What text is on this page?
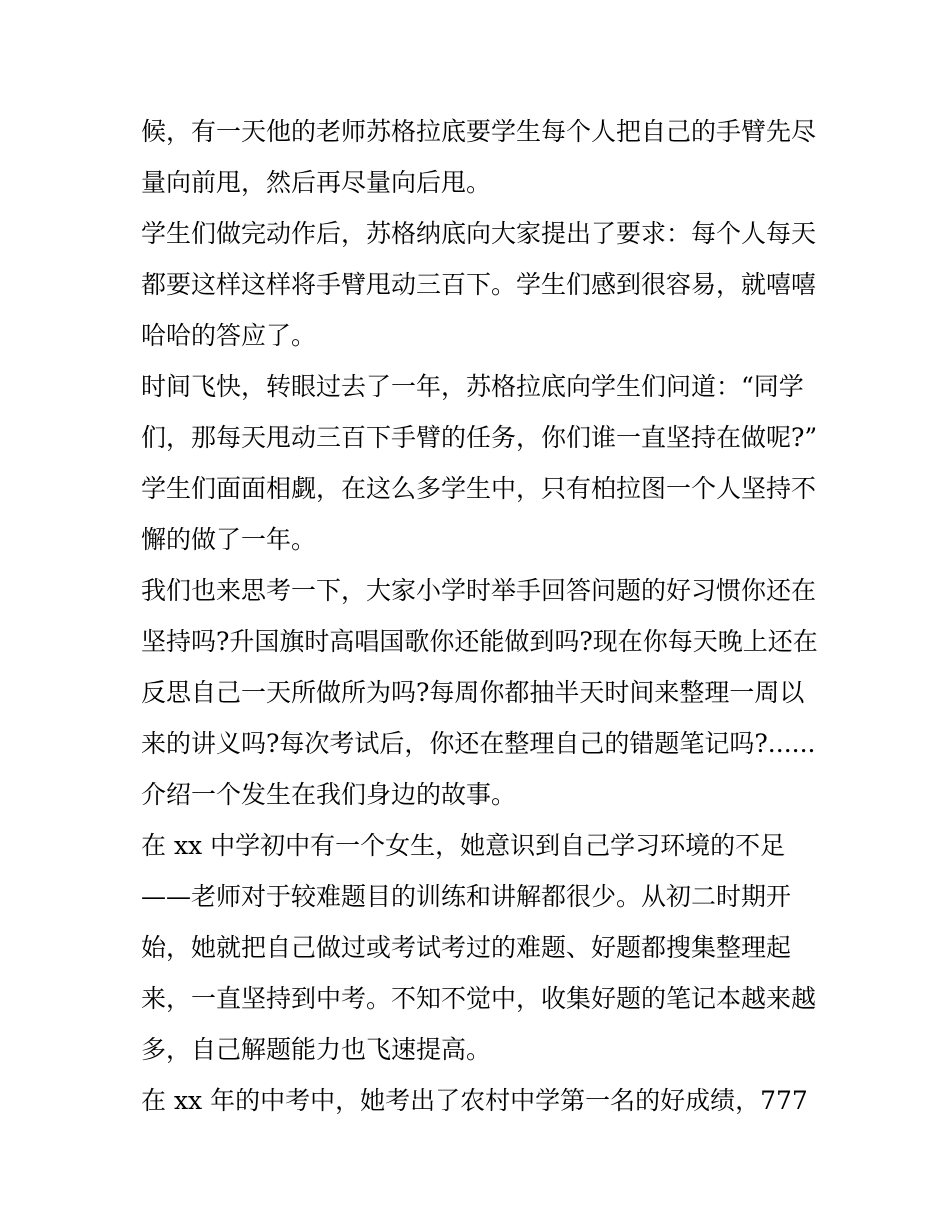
候，有一天他的老师苏格拉底要学生每个人把自己的手臂先尽
量向前甩，然后再尽量向后甩。
学生们做完动作后，苏格纳底向大家提出了要求：每个人每天
都要这样这样将手臂甩动三百下。学生们感到很容易，就嘻嘻
哈哈的答应了。
时间飞快，转眼过去了一年，苏格拉底向学生们问道：“同学
们，那每天甩动三百下手臂的任务，你们谁一直坚持在做呢?”
学生们面面相觑，在这么多学生中，只有柏拉图一个人坚持不
懈的做了一年。
我们也来思考一下，大家小学时举手回答问题的好习惯你还在
坚持吗?升国旗时高唱国歌你还能做到吗?现在你每天晚上还在
反思自己一天所做所为吗?每周你都抽半天时间来整理一周以
来的讲义吗?每次考试后，你还在整理自己的错题笔记吗?......
介绍一个发生在我们身边的故事。
在 xx 中学初中有一个女生，她意识到自己学习环境的不足
——老师对于较难题目的训练和讲解都很少。从初二时期开
始，她就把自己做过或考试考过的难题、好题都搜集整理起
来，一直坚持到中考。不知不觉中，收集好题的笔记本越来越
多，自己解题能力也飞速提高。
在 xx 年的中考中，她考出了农村中学第一名的好成绩，777
